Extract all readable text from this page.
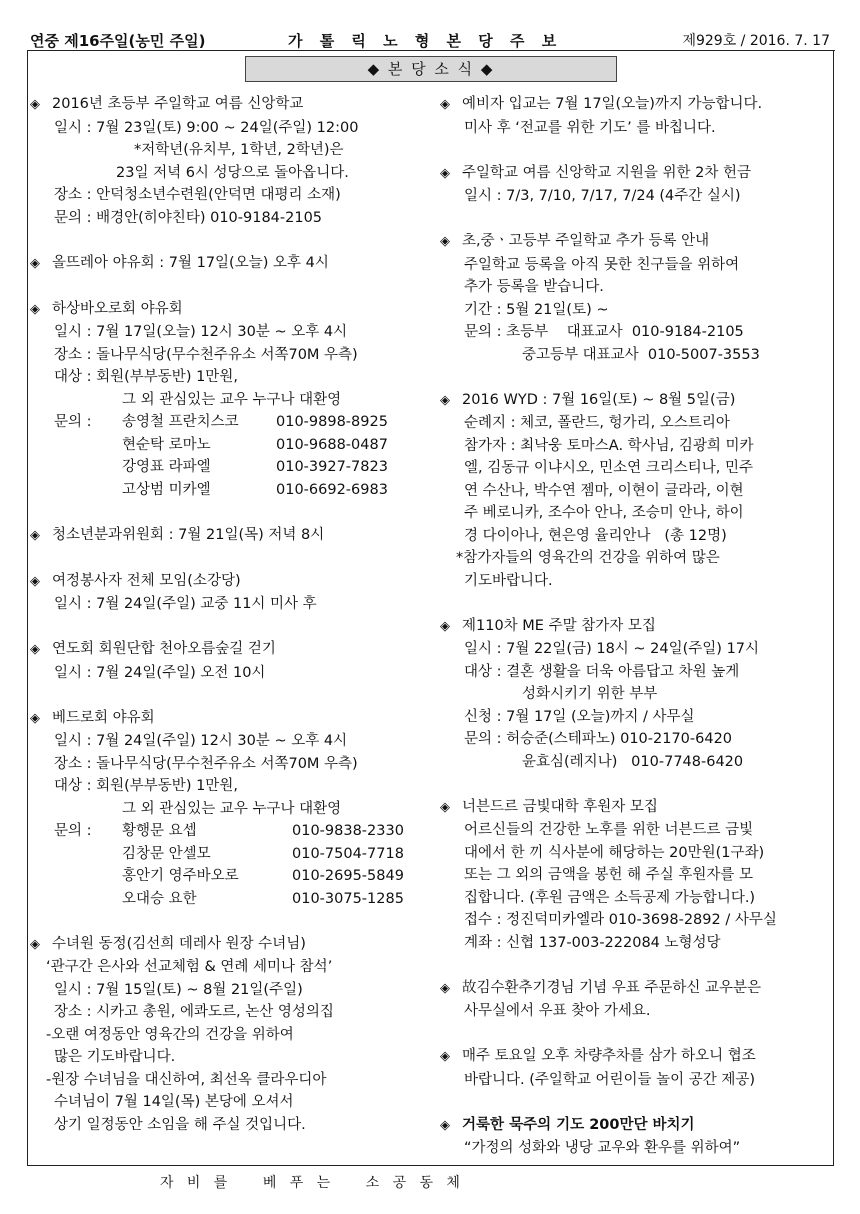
연중 제16주일(농민 주일)	가 톨 릭 노 형 본 당 주 보	제929호 / 2016. 7. 17
◆ 본 당 소 식 ◆
◈ 2016년 초등부 주일학교 여름 신앙학교
일시 : 7월 23일(토) 9:00 ~ 24일(주일) 12:00
*저학년(유치부, 1학년, 2학년)은
23일 저녁 6시 성당으로 돌아옵니다.
장소 : 안덕청소년수련원(안덕면 대평리 소재)
문의 : 배경안(히야친타) 010-9184-2105
◈ 올뜨레아 야유회 : 7월 17일(오늘) 오후 4시
◈ 하상바오로회 야유회
일시 : 7월 17일(오늘) 12시 30분 ~ 오후 4시
장소 : 돌나무식당(무수천주유소 서쪽70M 우측)
대상 : 회원(부부동반) 1만원,
그 외 관심있는 교우 누구나 대환영
문의 :	송영철 프란치스코	010-9898-8925
현순탁 로마노	010-9688-0487
강영표 라파엘	010-3927-7823
고상범 미카엘	010-6692-6983
◈ 청소년분과위원회 : 7월 21일(목) 저녁 8시
◈ 여정봉사자 전체 모임(소강당)
일시 : 7월 24일(주일) 교중 11시 미사 후
◈ 연도회 회원단합 천아오름숲길 걷기
일시 : 7월 24일(주일) 오전 10시
◈ 베드로회 야유회
일시 : 7월 24일(주일) 12시 30분 ~ 오후 4시
장소 : 돌나무식당(무수천주유소 서쪽70M 우측)
대상 : 회원(부부동반) 1만원,
그 외 관심있는 교우 누구나 대환영
문의 :	황행문 요셉	010-9838-2330
김창문 안셀모	010-7504-7718
홍안기 영주바오로	010-2695-5849
오대승 요한	010-3075-1285
◈ 수녀원 동정(김선희 데레사 원장 수녀님)
‘관구간 은사와 선교체험 & 연례 세미나 참석’
일시 : 7월 15일(토) ~ 8월 21일(주일)
장소 : 시카고 총원, 에콰도르, 논산 영성의집
-오랜 여정동안 영육간의 건강을 위하여
많은 기도바랍니다.
-원장 수녀님을 대신하여, 최선옥 클라우디아
수녀님이 7월 14일(목) 본당에 오셔서
상기 일정동안 소임을 해 주실 것입니다.
◈ 예비자 입교는 7월 17일(오늘)까지 가능합니다.
미사 후 ‘전교를 위한 기도’ 를 바칩니다.
◈ 주일학교 여름 신앙학교 지원을 위한 2차 헌금
일시 : 7/3, 7/10, 7/17, 7/24 (4주간 실시)
◈ 초,중ㆍ고등부 주일학교 추가 등록 안내
주일학교 등록을 아직 못한 친구들을 위하여
추가 등록을 받습니다.
기간 : 5월 21일(토) ~
문의 : 초등부    대표교사  010-9184-2105
중고등부 대표교사  010-5007-3553
◈ 2016 WYD : 7월 16일(토) ~ 8월 5일(금)
순례지 : 체코, 폴란드, 헝가리, 오스트리아
참가자 : 최낙웅 토마스A. 학사님, 김광희 미카
엘, 김동규 이냐시오, 민소연 크리스티나, 민주
연 수산나, 박수연 젬마, 이현이 글라라, 이현
주 베로니카, 조수아 안나, 조승미 안나, 하이
경 다이아나, 현은영 율리안나   (총 12명)
*참가자들의 영육간의 건강을 위하여 많은
기도바랍니다.
◈ 제110차 ME 주말 참가자 모집
일시 : 7월 22일(금) 18시 ~ 24일(주일) 17시
대상 : 결혼 생활을 더욱 아름답고 차원 높게
성화시키기 위한 부부
신청 : 7월 17일 (오늘)까지 / 사무실
문의 : 허승준(스테파노) 010-2170-6420
윤효심(레지나)   010-7748-6420
◈ 너븐드르 금빛대학 후원자 모집
어르신들의 건강한 노후를 위한 너븐드르 금빛
대에서 한 끼 식사분에 해당하는 20만원(1구좌)
또는 그 외의 금액을 봉헌 해 주실 후원자를 모
집합니다. (후원 금액은 소득공제 가능합니다.)
접수 : 정진덕미카엘라 010-3698-2892 / 사무실
계좌 : 신협 137-003-222084 노형성당
◈ 故김수환추기경님 기념 우표 주문하신 교우분은
사무실에서 우표 찾아 가세요.
◈ 매주 토요일 오후 차량추차를 삼가 하오니 협조
바랍니다. (주일학교 어린이들 놀이 공간 제공)
◈ 거룩한 묵주의 기도 200만단 바치기
“가정의 성화와 냉당 교우와 환우를 위하여”
자   비   를        베   푸   는        소   공   동   체
